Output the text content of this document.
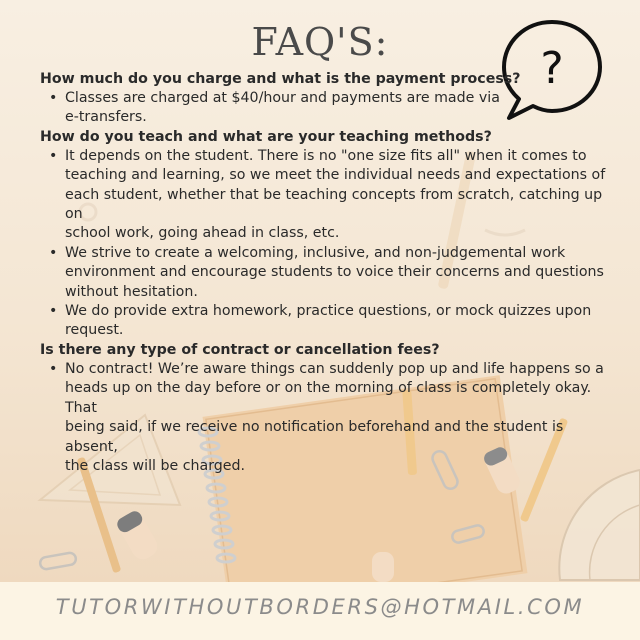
FAQ'S:
?

How much do you charge and what is the payment process?

• Classes are charged at $40/hour and payments are made via
e-transfers.

How do you teach and what are your teaching methods?

• It depends on the student. There is no "one size fits all" when it comes to
teaching and learning, so we meet the individual needs and expectations of
each student, whether that be teaching concepts from scratch, catching up on
school work, going ahead in class, etc.
• We strive to create a welcoming, inclusive, and non-judgemental work
environment and encourage students to voice their concerns and questions
without hesitation.
• We do provide extra homework, practice questions, or mock quizzes upon
request.

Is there any type of contract or cancellation fees?

• No contract! We’re aware things can suddenly pop up and life happens so a
heads up on the day before or on the morning of class is completely okay. That
being said, if we receive no notification beforehand and the student is absent,
the class will be charged.
TUTORWITHOUTBORDERS@HOTMAIL.COM
